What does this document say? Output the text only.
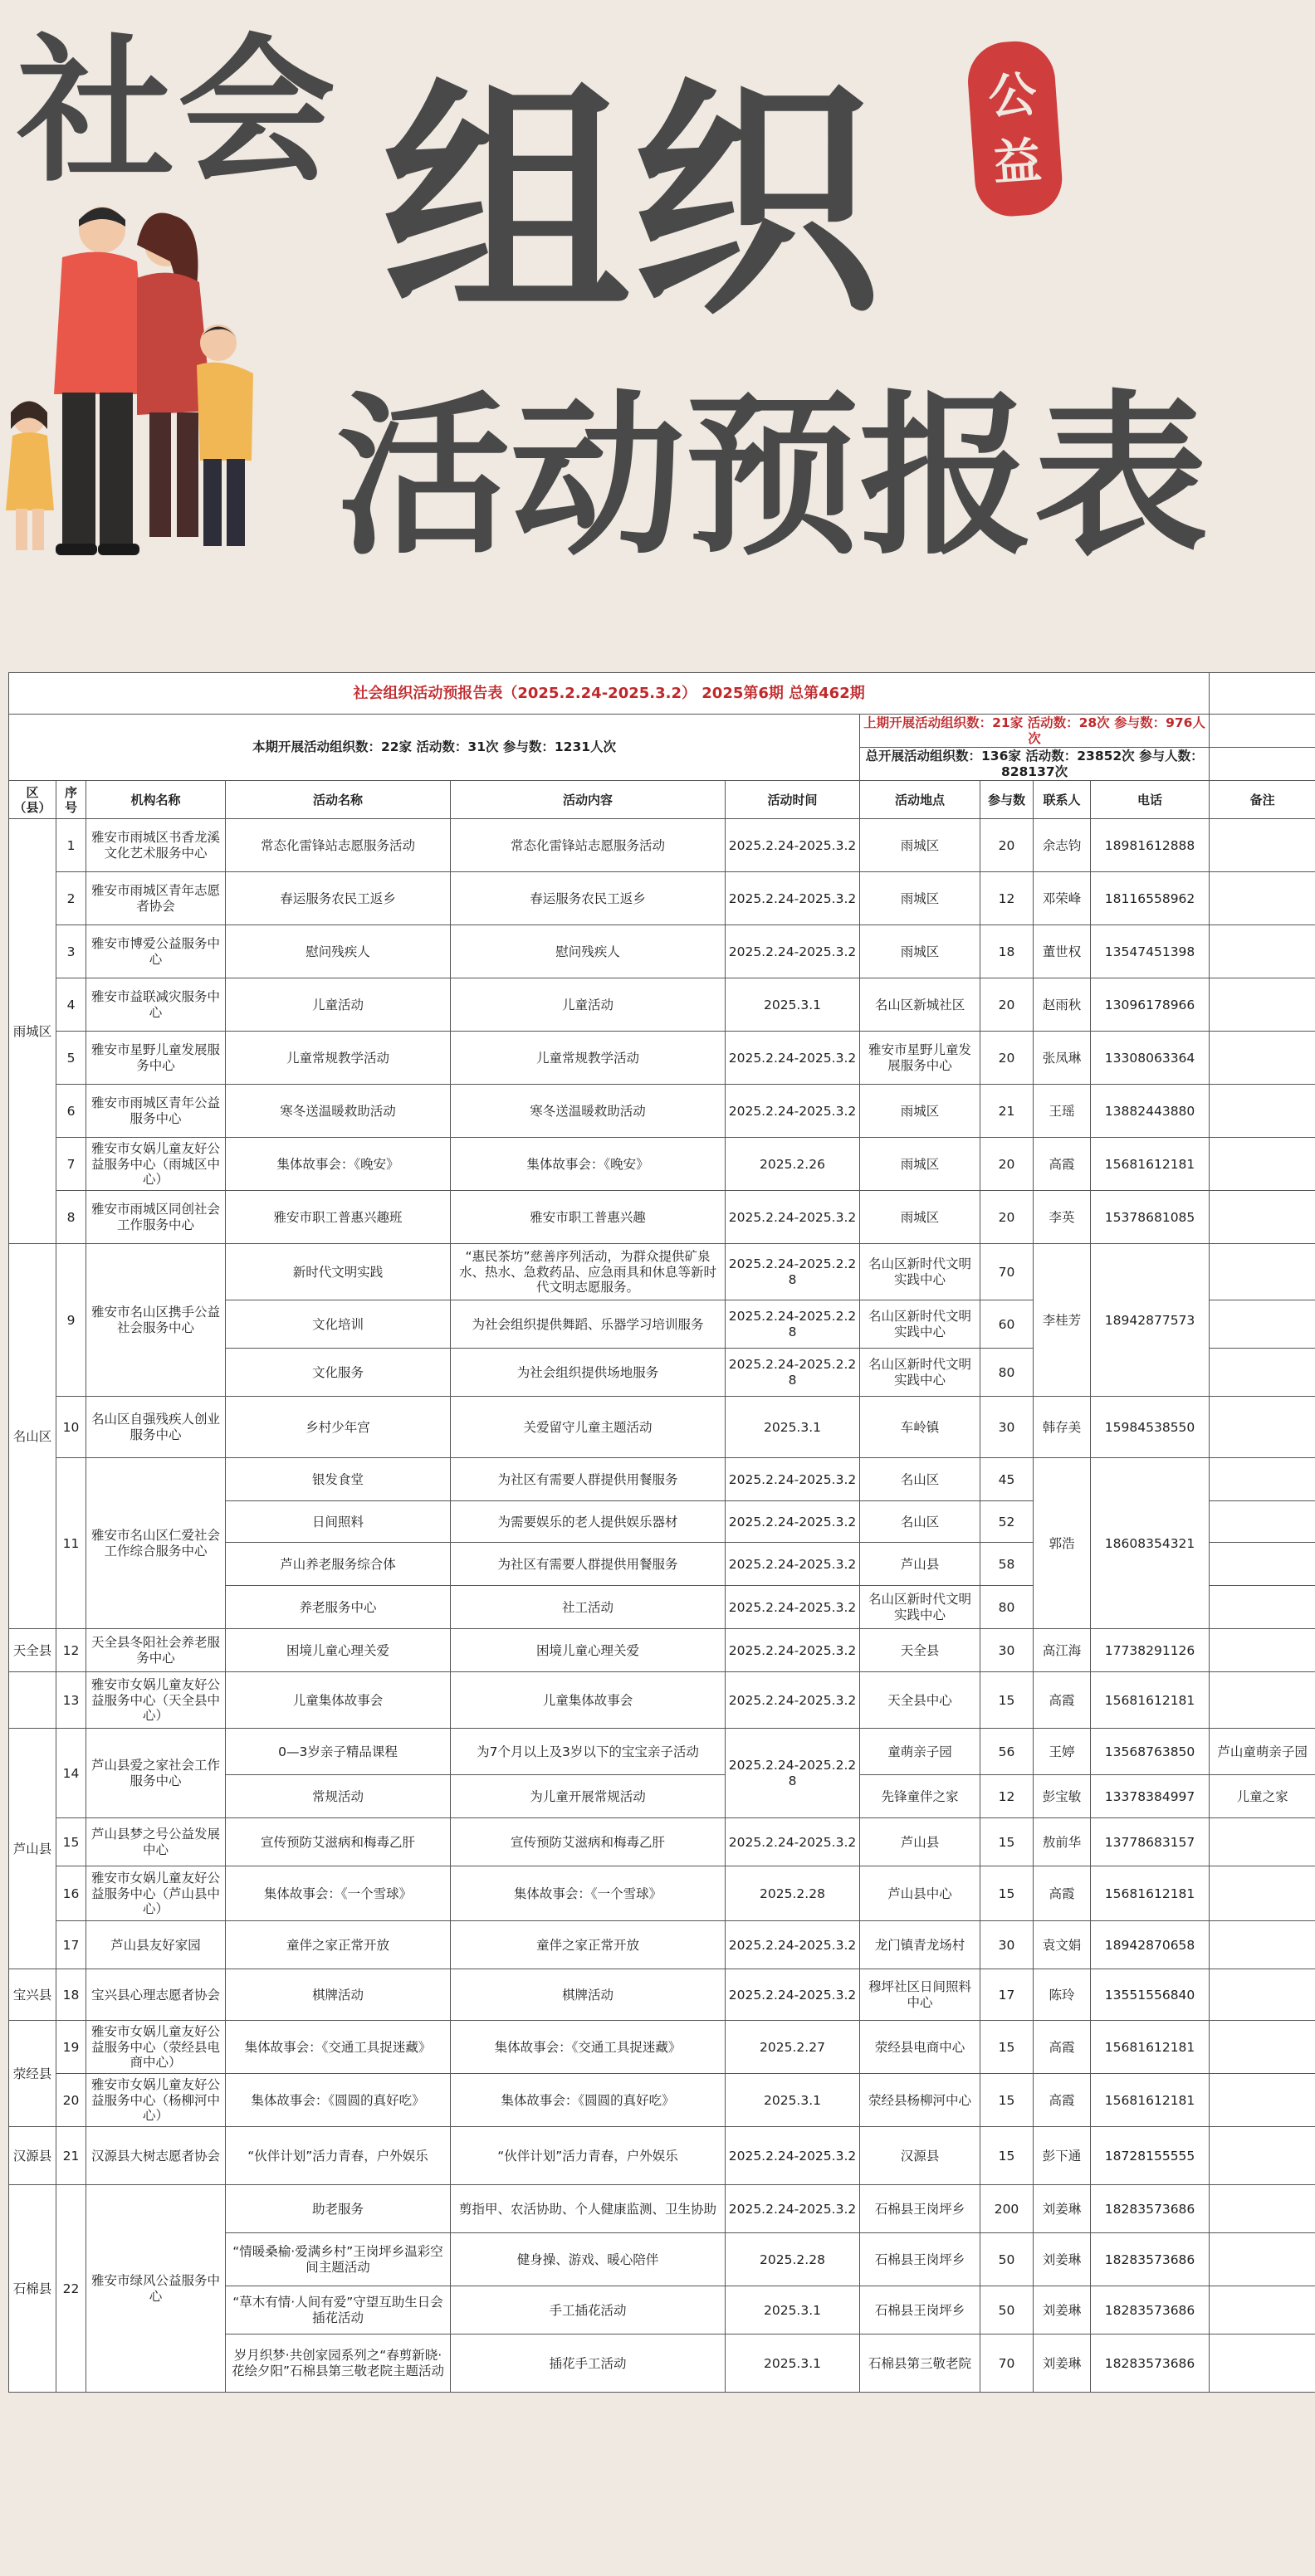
社会 组织
活动预报表
公
益
社会组织活动预报告表（2025.2.24-2025.3.2） 2025第6期 总第462期										
本期开展活动组织数：22家 活动数：31次 参与数：1231人次						上期开展活动组织数：21家 活动数：28次 参与数：976人次				
						总开展活动组织数：136家 活动数：23852次 参与人数：828137次				
区（县）	序号	机构名称	活动名称	活动内容	活动时间	活动地点	参与数	联系人	电话	备注
雨城区	1	雅安市雨城区书香龙溪文化艺术服务中心	常态化雷锋站志愿服务活动	常态化雷锋站志愿服务活动	2025.2.24-2025.3.2	雨城区	20	余志钧	18981612888	
	2	雅安市雨城区青年志愿者协会	春运服务农民工返乡	春运服务农民工返乡	2025.2.24-2025.3.2	雨城区	12	邓荣峰	18116558962	
	3	雅安市博爱公益服务中心	慰问残疾人	慰问残疾人	2025.2.24-2025.3.2	雨城区	18	董世权	13547451398	
	4	雅安市益联减灾服务中心	儿童活动	儿童活动	2025.3.1	名山区新城社区	20	赵雨秋	13096178966	
	5	雅安市星野儿童发展服务中心	儿童常规教学活动	儿童常规教学活动	2025.2.24-2025.3.2	雅安市星野儿童发展服务中心	20	张凤琳	13308063364	
	6	雅安市雨城区青年公益服务中心	寒冬送温暖救助活动	寒冬送温暖救助活动	2025.2.24-2025.3.2	雨城区	21	王瑶	13882443880	
	7	雅安市女娲儿童友好公益服务中心（雨城区中心）	集体故事会：《晚安》	集体故事会：《晚安》	2025.2.26	雨城区	20	高霞	15681612181	
	8	雅安市雨城区同创社会工作服务中心	雅安市职工普惠兴趣班	雅安市职工普惠兴趣	2025.2.24-2025.3.2	雨城区	20	李英	15378681085	
名山区	9	雅安市名山区携手公益社会服务中心	新时代文明实践	“惠民茶坊”慈善序列活动，为群众提供矿泉水、热水、急救药品、应急雨具和休息等新时代文明志愿服务。	2025.2.24-2025.2.28	名山区新时代文明实践中心	70	李桂芳	18942877573	
			文化培训	为社会组织提供舞蹈、乐器学习培训服务	2025.2.24-2025.2.28	名山区新时代文明实践中心	60			
			文化服务	为社会组织提供场地服务	2025.2.24-2025.2.28	名山区新时代文明实践中心	80			
	10	名山区自强残疾人创业服务中心	乡村少年宫	关爱留守儿童主题活动	2025.3.1	车岭镇	30	韩存美	15984538550	
	11	雅安市名山区仁爱社会工作综合服务中心	银发食堂	为社区有需要人群提供用餐服务	2025.2.24-2025.3.2	名山区	45	郭浩	18608354321	
			日间照料	为需要娱乐的老人提供娱乐器材	2025.2.24-2025.3.2	名山区	52			
			芦山养老服务综合体	为社区有需要人群提供用餐服务	2025.2.24-2025.3.2	芦山县	58			
			养老服务中心	社工活动	2025.2.24-2025.3.2	名山区新时代文明实践中心	80			
天全县	12	天全县冬阳社会养老服务中心	困境儿童心理关爱	困境儿童心理关爱	2025.2.24-2025.3.2	天全县	30	高江海	17738291126	
	13	雅安市女娲儿童友好公益服务中心（天全县中心）	儿童集体故事会	儿童集体故事会	2025.2.24-2025.3.2	天全县中心	15	高霞	15681612181	
芦山县	14	芦山县爱之家社会工作服务中心	0—3岁亲子精品课程	为7个月以上及3岁以下的宝宝亲子活动	2025.2.24-2025.2.28	童萌亲子园	56	王婷	13568763850	芦山童萌亲子园
			常规活动	为儿童开展常规活动		先锋童伴之家	12	彭宝敏	13378384997	儿童之家
	15	芦山县梦之号公益发展中心	宣传预防艾滋病和梅毒乙肝	宣传预防艾滋病和梅毒乙肝	2025.2.24-2025.3.2	芦山县	15	敖前华	13778683157	
	16	雅安市女娲儿童友好公益服务中心（芦山县中心）	集体故事会：《一个雪球》	集体故事会：《一个雪球》	2025.2.28	芦山县中心	15	高霞	15681612181	
	17	芦山县友好家园	童伴之家正常开放	童伴之家正常开放	2025.2.24-2025.3.2	龙门镇青龙场村	30	袁文娟	18942870658	
宝兴县	18	宝兴县心理志愿者协会	棋牌活动	棋牌活动	2025.2.24-2025.3.2	穆坪社区日间照料中心	17	陈玲	13551556840	
荥经县	19	雅安市女娲儿童友好公益服务中心（荥经县电商中心）	集体故事会：《交通工具捉迷藏》	集体故事会：《交通工具捉迷藏》	2025.2.27	荥经县电商中心	15	高霞	15681612181	
	20	雅安市女娲儿童友好公益服务中心（杨柳河中心）	集体故事会：《圆圆的真好吃》	集体故事会：《圆圆的真好吃》	2025.3.1	荥经县杨柳河中心	15	高霞	15681612181	
汉源县	21	汉源县大树志愿者协会	“伙伴计划”活力青春，户外娱乐	“伙伴计划”活力青春，户外娱乐	2025.2.24-2025.3.2	汉源县	15	彭下通	18728155555	
石棉县	22	雅安市绿风公益服务中心	助老服务	剪指甲、农活协助、个人健康监测、卫生协助	2025.2.24-2025.3.2	石棉县王岗坪乡	200	刘姜琳	18283573686	
			“情暖桑榆·爱满乡村”王岗坪乡温彩空间主题活动	健身操、游戏、暖心陪伴	2025.2.28	石棉县王岗坪乡	50	刘姜琳	18283573686	
			“草木有情·人间有爱”守望互助生日会插花活动	手工插花活动	2025.3.1	石棉县王岗坪乡	50	刘姜琳	18283573686	
			岁月织梦·共创家园系列之“春剪新晓·花绘夕阳”石棉县第三敬老院主题活动	插花手工活动	2025.3.1	石棉县第三敬老院	70	刘姜琳	18283573686	
